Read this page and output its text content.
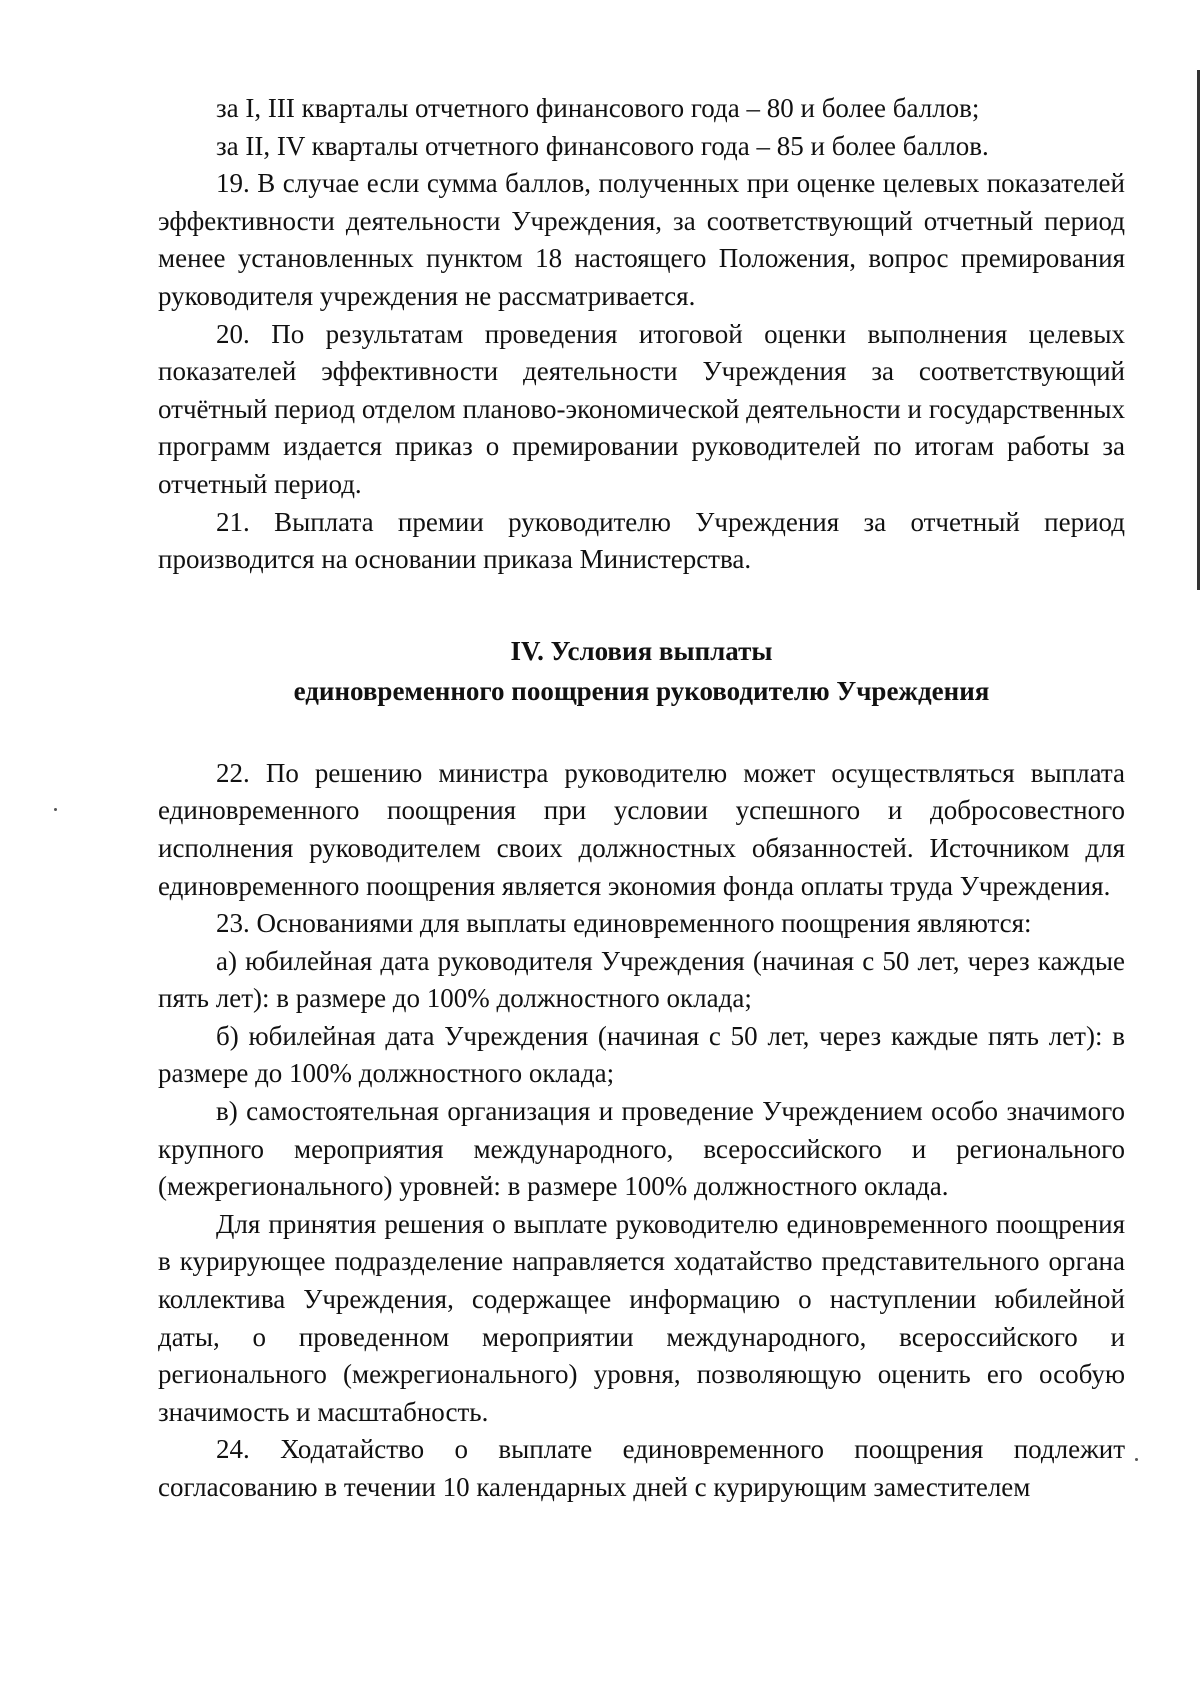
за I, III кварталы отчетного финансового года – 80 и более баллов;

за II, IV кварталы отчетного финансового года – 85 и более баллов.

19. В случае если сумма баллов, полученных при оценке целевых показателей эффективности деятельности Учреждения, за соответствующий отчетный период менее установленных пунктом 18 настоящего Положения, вопрос премирования руководителя учреждения не рассматривается.

20. По результатам проведения итоговой оценки выполнения целевых показателей эффективности деятельности Учреждения за соответствующий отчётный период отделом планово-экономической деятельности и государственных программ издается приказ о премировании руководителей по итогам работы за отчетный период.

21. Выплата премии руководителю Учреждения за отчетный период производится на основании приказа Министерства.

IV. Условия выплаты
единовременного поощрения руководителю Учреждения

22. По решению министра руководителю может осуществляться выплата единовременного поощрения при условии успешного и добросовестного исполнения руководителем своих должностных обязанностей. Источником для единовременного поощрения является экономия фонда оплаты труда Учреждения.

23. Основаниями для выплаты единовременного поощрения являются:

а) юбилейная дата руководителя Учреждения (начиная с 50 лет, через каждые пять лет): в размере до 100% должностного оклада;

б) юбилейная дата Учреждения (начиная с 50 лет, через каждые пять лет): в размере до 100% должностного оклада;

в) самостоятельная организация и проведение Учреждением особо значимого крупного мероприятия международного, всероссийского и регионального (межрегионального) уровней: в размере 100% должностного оклада.

Для принятия решения о выплате руководителю единовременного поощрения в курирующее подразделение направляется ходатайство представительного органа коллектива Учреждения, содержащее информацию о наступлении юбилейной даты, о проведенном мероприятии международного, всероссийского и регионального (межрегионального) уровня, позволяющую оценить его особую значимость и масштабность.

24. Ходатайство о выплате единовременного поощрения подлежит согласованию в течении 10 календарных дней с курирующим заместителем
